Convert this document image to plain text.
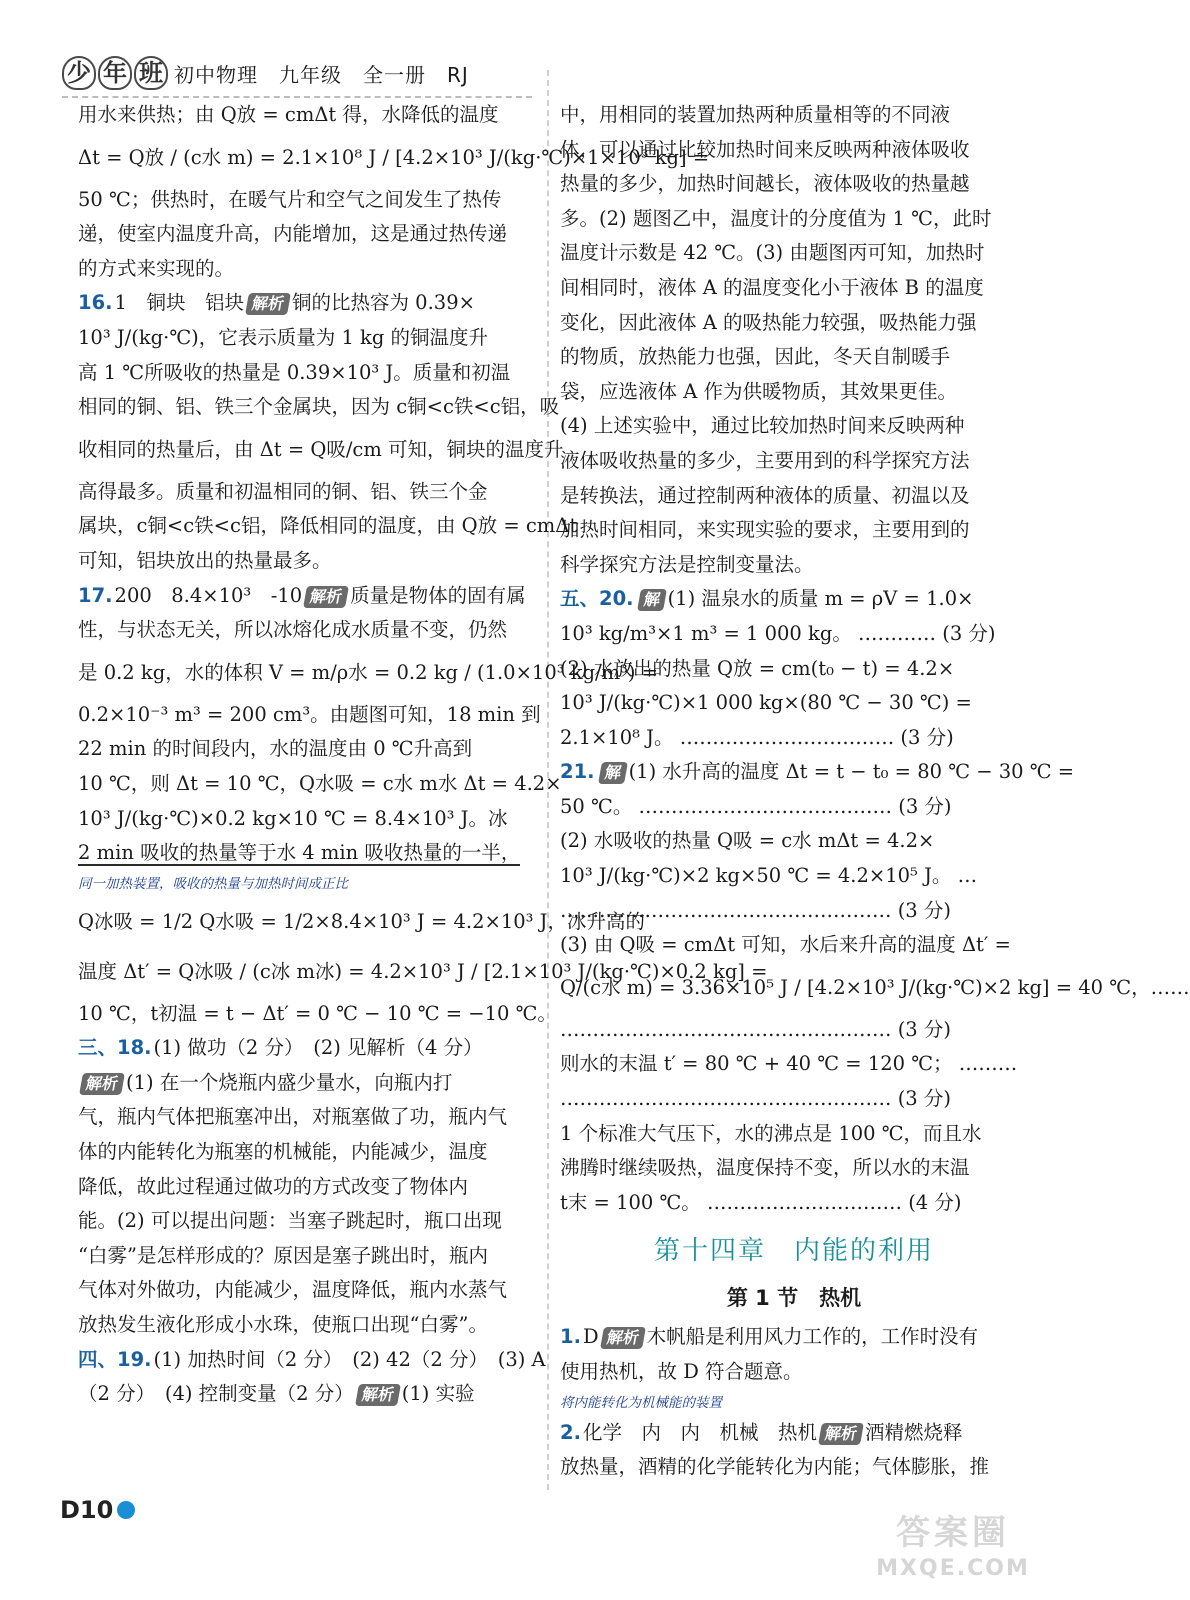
少 年 班 初中物理　九年级　全一册　RJ
用水来供热；由 Q放 = cmΔt 得，水降低的温度
Δt = Q放 / (c水 m) = 2.1×10⁸ J / [4.2×10³ J/(kg·℃)×1×10³ kg] =
50 ℃；供热时，在暖气片和空气之间发生了热传
递，使室内温度升高，内能增加，这是通过热传递
的方式来实现的。
16. 1　铜块　铝块 解析 铜的比热容为 0.39×
10³ J/(kg·℃)，它表示质量为 1 kg 的铜温度升
高 1 ℃所吸收的热量是 0.39×10³ J。质量和初温
相同的铜、铝、铁三个金属块，因为 c铜<c铁<c铝，吸
收相同的热量后，由 Δt = Q吸/cm 可知，铜块的温度升
高得最多。质量和初温相同的铜、铝、铁三个金
属块，c铜<c铁<c铝，降低相同的温度，由 Q放 = cmΔt
可知，铝块放出的热量最多。
17. 200　8.4×10³　-10 解析 质量是物体的固有属
性，与状态无关，所以冰熔化成水质量不变，仍然
是 0.2 kg，水的体积 V = m/ρ水 = 0.2 kg / (1.0×10³ kg/m³) =
0.2×10⁻³ m³ = 200 cm³。由题图可知，18 min 到
22 min 的时间段内，水的温度由 0 ℃升高到
10 ℃，则 Δt = 10 ℃，Q水吸 = c水 m水 Δt = 4.2×
10³ J/(kg·℃)×0.2 kg×10 ℃ = 8.4×10³ J。冰
2 min 吸收的热量等于水 4 min 吸收热量的一半，
同一加热装置，吸收的热量与加热时间成正比
Q冰吸 = 1/2 Q水吸 = 1/2×8.4×10³ J = 4.2×10³ J，冰升高的
温度 Δt′ = Q冰吸 / (c冰 m冰) = 4.2×10³ J / [2.1×10³ J/(kg·℃)×0.2 kg] =
10 ℃，t初温 = t − Δt′ = 0 ℃ − 10 ℃ = −10 ℃。
三、18. (1) 做功（2 分）　(2) 见解析（4 分）
解析 (1) 在一个烧瓶内盛少量水，向瓶内打
气，瓶内气体把瓶塞冲出，对瓶塞做了功，瓶内气
体的内能转化为瓶塞的机械能，内能减少，温度
降低，故此过程通过做功的方式改变了物体内
能。(2) 可以提出问题：当塞子跳起时，瓶口出现
“白雾”是怎样形成的？原因是塞子跳出时，瓶内
气体对外做功，内能减少，温度降低，瓶内水蒸气
放热发生液化形成小水珠，使瓶口出现“白雾”。
四、19. (1) 加热时间（2 分）　(2) 42（2 分）　(3) A
（2 分）　(4) 控制变量（2 分） 解析 (1) 实验
中，用相同的装置加热两种质量相等的不同液
体，可以通过比较加热时间来反映两种液体吸收
热量的多少，加热时间越长，液体吸收的热量越
多。(2) 题图乙中，温度计的分度值为 1 ℃，此时
温度计示数是 42 ℃。(3) 由题图丙可知，加热时
间相同时，液体 A 的温度变化小于液体 B 的温度
变化，因此液体 A 的吸热能力较强，吸热能力强
的物质，放热能力也强，因此，冬天自制暖手
袋，应选液体 A 作为供暖物质，其效果更佳。
(4) 上述实验中，通过比较加热时间来反映两种
液体吸收热量的多少，主要用到的科学探究方法
是转换法，通过控制两种液体的质量、初温以及
加热时间相同，来实现实验的要求，主要用到的
科学探究方法是控制变量法。
五、20. 解 (1) 温泉水的质量 m = ρV = 1.0×
10³ kg/m³×1 m³ = 1 000 kg。 ………… (3 分)
(2) 水放出的热量 Q放 = cm(t₀ − t) = 4.2×
10³ J/(kg·℃)×1 000 kg×(80 ℃ − 30 ℃) =
2.1×10⁸ J。 …………………………… (3 分)
21. 解 (1) 水升高的温度 Δt = t − t₀ = 80 ℃ − 30 ℃ =
50 ℃。 ………………………………… (3 分)
(2) 水吸收的热量 Q吸 = c水 mΔt = 4.2×
10³ J/(kg·℃)×2 kg×50 ℃ = 4.2×10⁵ J。 …
…………………………………………… (3 分)
(3) 由 Q吸 = cmΔt 可知，水后来升高的温度 Δt′ =
Q/(c水 m) = 3.36×10⁵ J / [4.2×10³ J/(kg·℃)×2 kg] = 40 ℃，……
…………………………………………… (3 分)
则水的末温 t′ = 80 ℃ + 40 ℃ = 120 ℃； ………
…………………………………………… (3 分)
1 个标准大气压下，水的沸点是 100 ℃，而且水
沸腾时继续吸热，温度保持不变，所以水的末温
t末 = 100 ℃。 ………………………… (4 分)
第十四章　内能的利用
第 1 节　热机
1. D 解析 木帆船是利用风力工作的，工作时没有
使用热机，故 D 符合题意。
将内能转化为机械能的装置
2. 化学　内　内　机械　热机 解析 酒精燃烧释
放热量，酒精的化学能转化为内能；气体膨胀，推
D10
答案圈
MXQE.COM
